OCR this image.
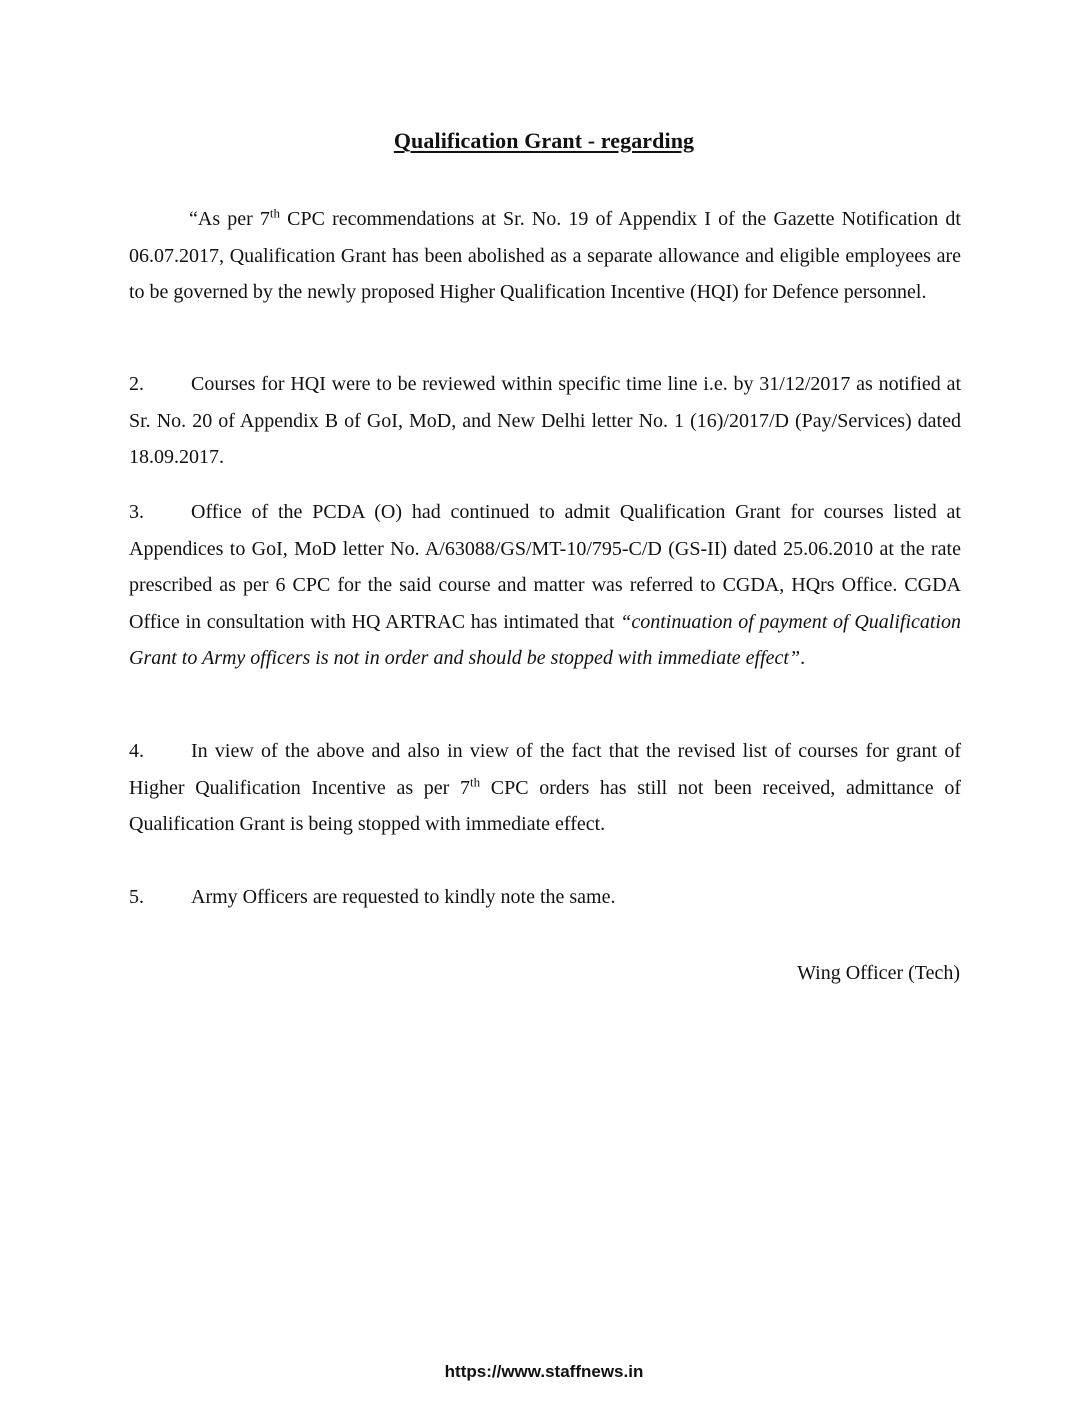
Qualification Grant - regarding

“As per 7th CPC recommendations at Sr. No. 19 of Appendix I of the Gazette Notification dt 06.07.2017, Qualification Grant has been abolished as a separate allowance and eligible employees are to be governed by the newly proposed Higher Qualification Incentive (HQI) for Defence personnel.

2. Courses for HQI were to be reviewed within specific time line i.e. by 31/12/2017 as notified at Sr. No. 20 of Appendix B of GoI, MoD, and New Delhi letter No. 1 (16)/2017/D (Pay/Services) dated 18.09.2017.

3. Office of the PCDA (O) had continued to admit Qualification Grant for courses listed at Appendices to GoI, MoD letter No. A/63088/GS/MT-10/795-C/D (GS-II) dated 25.06.2010 at the rate prescribed as per 6 CPC for the said course and matter was referred to CGDA, HQrs Office. CGDA Office in consultation with HQ ARTRAC has intimated that “continuation of payment of Qualification Grant to Army officers is not in order and should be stopped with immediate effect”.

4. In view of the above and also in view of the fact that the revised list of courses for grant of Higher Qualification Incentive as per 7th CPC orders has still not been received, admittance of Qualification Grant is being stopped with immediate effect.

5. Army Officers are requested to kindly note the same.

Wing Officer (Tech)
https://www.staffnews.in
